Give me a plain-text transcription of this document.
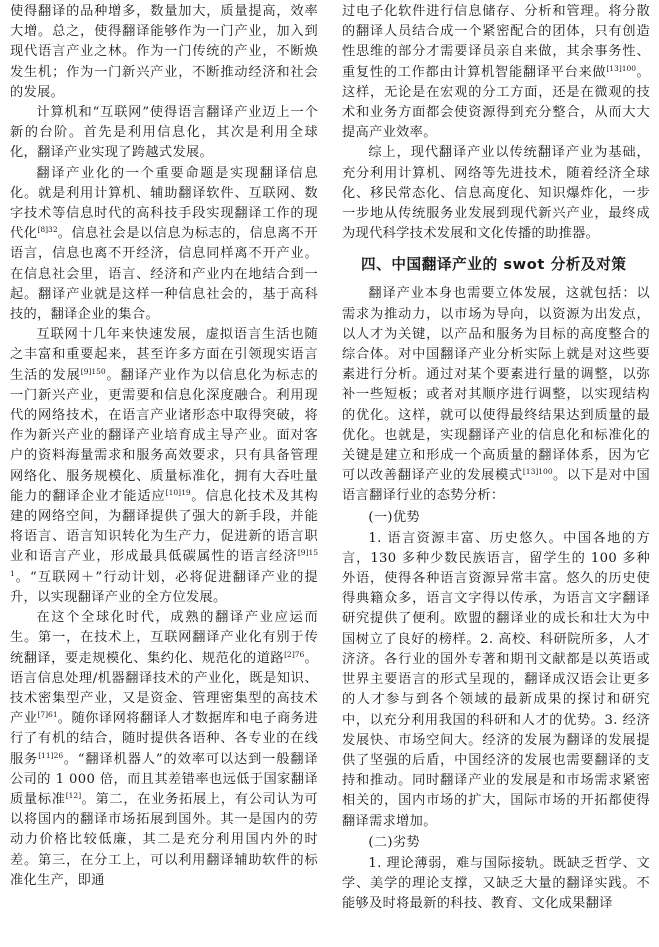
使得翻译的品种增多，数量加大，质量提高，效率大增。总之，使得翻译能够作为一门产业，加入到现代语言产业之林。作为一门传统的产业，不断焕发生机；作为一门新兴产业，不断推动经济和社会的发展。

计算机和“互联网”使得语言翻译产业迈上一个新的台阶。首先是利用信息化，其次是利用全球化，翻译产业实现了跨越式发展。

翻译产业化的一个重要命题是实现翻译信息化。就是利用计算机、辅助翻译软件、互联网、数字技术等信息时代的高科技手段实现翻译工作的现代化$^{[8]32}$。信息社会是以信息为标志的，信息离不开语言，信息也离不开经济，信息同样离不开产业。在信息社会里，语言、经济和产业内在地结合到一起。翻译产业就是这样一种信息社会的，基于高科技的，翻译企业的集合。

互联网十几年来快速发展，虚拟语言生活也随之丰富和重要起来，甚至许多方面在引领现实语言生活的发展$^{[9]150}$。翻译产业作为以信息化为标志的一门新兴产业，更需要和信息化深度融合。利用现代的网络技术，在语言产业诸形态中取得突破，将作为新兴产业的翻译产业培育成主导产业。面对客户的资料海量需求和服务高效要求，只有具备管理网络化、服务规模化、质量标准化，拥有大吞吐量能力的翻译企业才能适应$^{[10]19}$。信息化技术及其构建的网络空间，为翻译提供了强大的新手段，并能将语言、语言知识转化为生产力，促进新的语言职业和语言产业，形成最具低碳属性的语言经济$^{[9]151}$。“互联网＋”行动计划，必将促进翻译产业的提升，以实现翻译产业的全方位发展。

在这个全球化时代，成熟的翻译产业应运而生。第一，在技术上，互联网翻译产业化有别于传统翻译，要走规模化、集约化、规范化的道路$^{[2]76}$。语言信息处理/机器翻译技术的产业化，既是知识、技术密集型产业，又是资金、管理密集型的高技术产业$^{[7]61}$。随你译网将翻译人才数据库和电子商务进行了有机的结合，随时提供各语种、各专业的在线服务$^{[11]26}$。“翻译机器人”的效率可以达到一般翻译公司的 1 000 倍，而且其差错率也远低于国家翻译质量标准[12]。第二，在业务拓展上，有公司认为可以将国内的翻译市场拓展到国外。其一是国内的劳动力价格比较低廉，其二是充分利用国内外的时差。第三，在分工上，可以利用翻译辅助软件的标准化生产，即通

过电子化软件进行信息储存、分析和管理。将分散的翻译人员结合成一个紧密配合的团体，只有创造性思维的部分才需要译员亲自来做，其余事务性、重复性的工作都由计算机智能翻译平台来做$^{[13]100}$。这样，无论是在宏观的分工方面，还是在微观的技术和业务方面都会使资源得到充分整合，从而大大提高产业效率。

综上，现代翻译产业以传统翻译产业为基础，充分利用计算机、网络等先进技术，随着经济全球化、移民常态化、信息高度化、知识爆炸化，一步一步地从传统服务业发展到现代新兴产业，最终成为现代科学技术发展和文化传播的助推器。

四、中国翻译产业的 swot 分析及对策

翻译产业本身也需要立体发展，这就包括：以需求为推动力，以市场为导向，以资源为出发点，以人才为关键，以产品和服务为目标的高度整合的综合体。对中国翻译产业分析实际上就是对这些要素进行分析。通过对某个要素进行量的调整，以弥补一些短板；或者对其顺序进行调整，以实现结构的优化。这样，就可以使得最终结果达到质量的最优化。也就是，实现翻译产业的信息化和标准化的关键是建立和形成一个高质量的翻译体系，因为它可以改善翻译产业的发展模式$^{[13]100}$。以下是对中国语言翻译行业的态势分析：

(一)优势

1. 语言资源丰富、历史悠久。中国各地的方言，130 多种少数民族语言，留学生的 100 多种外语，使得各种语言资源异常丰富。悠久的历史使得典籍众多，语言文字得以传承，为语言文字翻译研究提供了便利。欧盟的翻译业的成长和壮大为中国树立了良好的榜样。2. 高校、科研院所多，人才济济。各行业的国外专著和期刊文献都是以英语或世界主要语言的形式呈现的，翻译成汉语会让更多的人才参与到各个领域的最新成果的探讨和研究中，以充分利用我国的科研和人才的优势。3. 经济发展快、市场空间大。经济的发展为翻译的发展提供了坚强的后盾，中国经济的发展也需要翻译的支持和推动。同时翻译产业的发展是和市场需求紧密相关的，国内市场的扩大，国际市场的开拓都使得翻译需求增加。

(二)劣势

1. 理论薄弱，难与国际接轨。既缺乏哲学、文学、美学的理论支撑，又缺乏大量的翻译实践。不能够及时将最新的科技、教育、文化成果翻译
